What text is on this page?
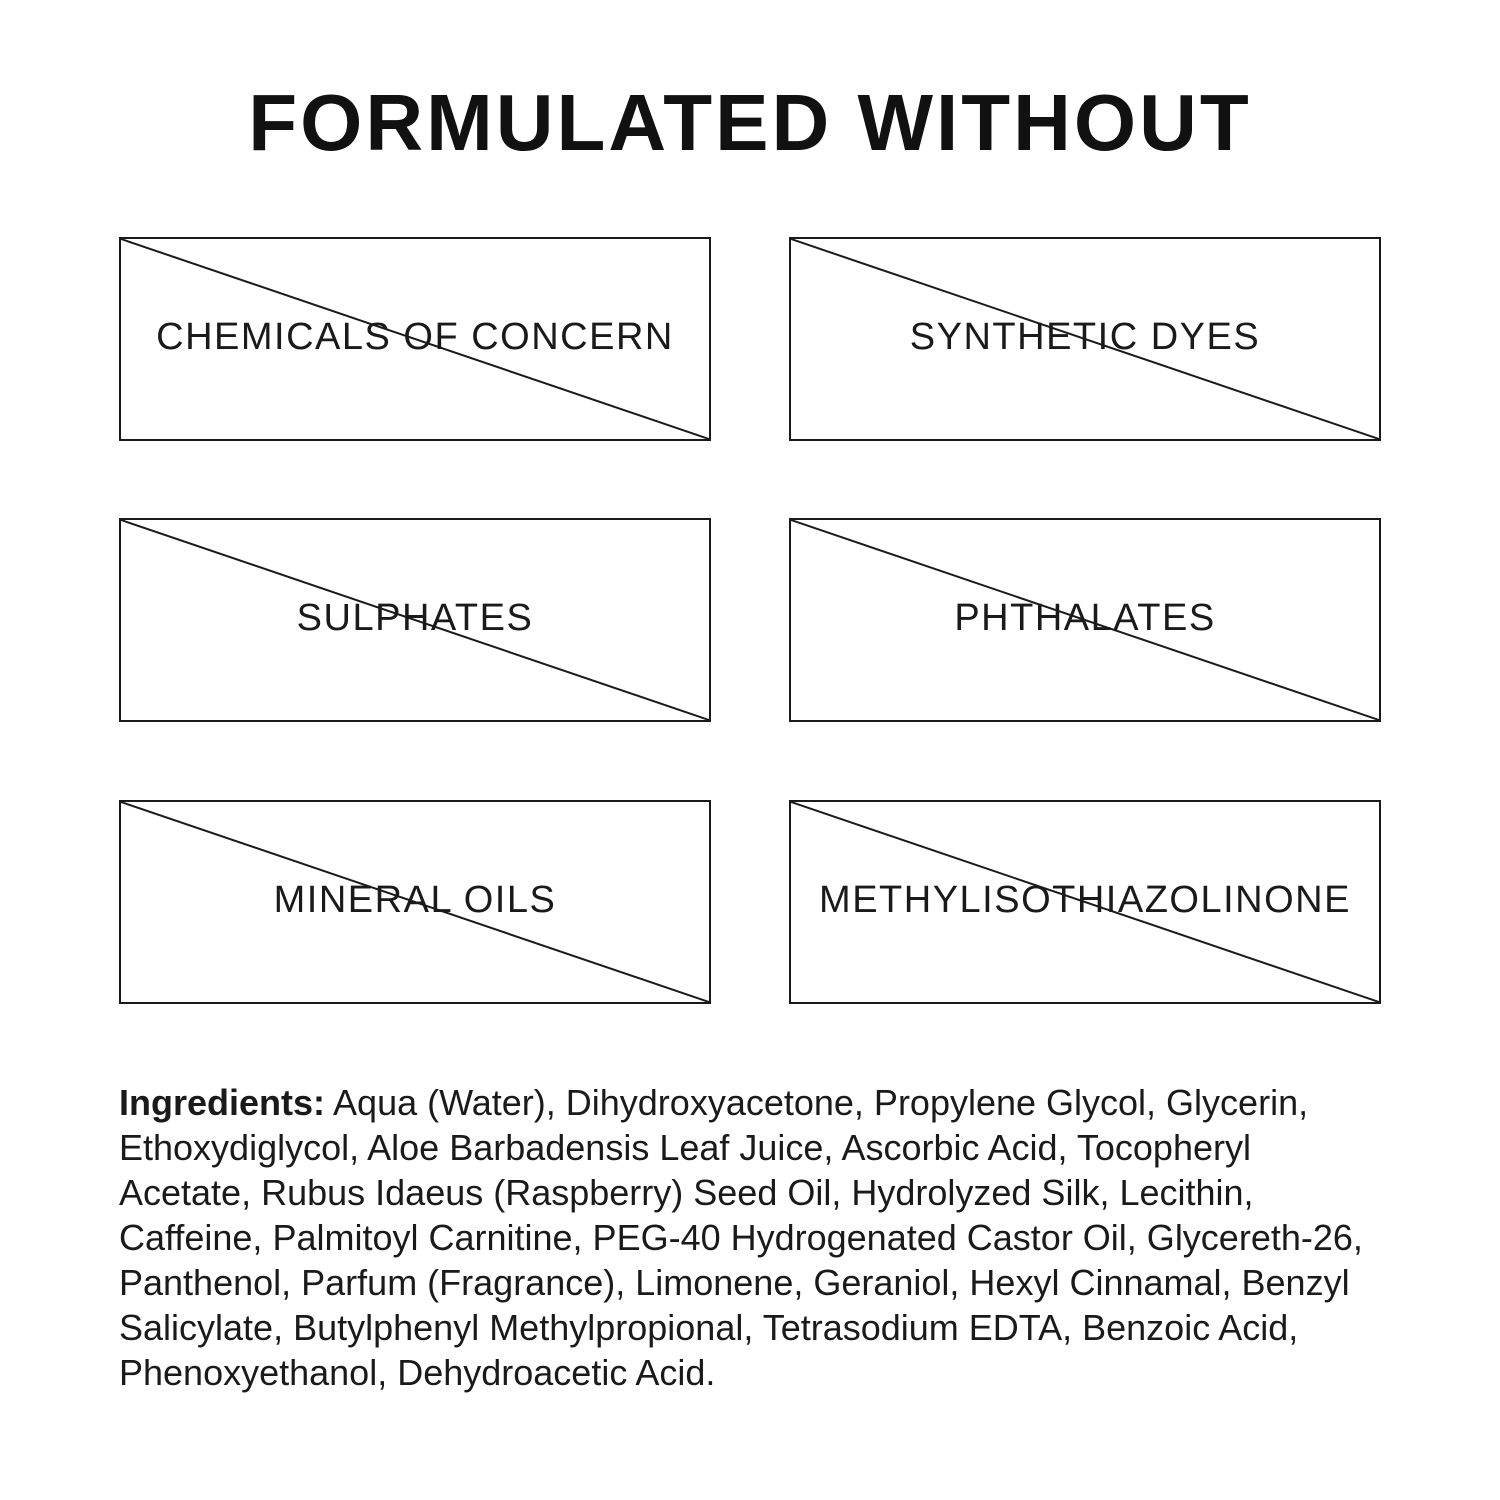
FORMULATED WITHOUT
CHEMICALS OF CONCERN	SYNTHETIC DYES
SULPHATES	PHTHALATES
MINERAL OILS	METHYLISOTHIAZOLINONE

Ingredients: Aqua (Water), Dihydroxyacetone, Propylene Glycol, Glycerin, Ethoxydiglycol, Aloe Barbadensis Leaf Juice, Ascorbic Acid, Tocopheryl Acetate, Rubus Idaeus (Raspberry) Seed Oil, Hydrolyzed Silk, Lecithin, Caffeine, Palmitoyl Carnitine, PEG-40 Hydrogenated Castor Oil, Glycereth-26, Panthenol, Parfum (Fragrance), Limonene, Geraniol, Hexyl Cinnamal, Benzyl Salicylate, Butylphenyl Methylpropional, Tetrasodium EDTA, Benzoic Acid, Phenoxyethanol, Dehydroacetic Acid.
